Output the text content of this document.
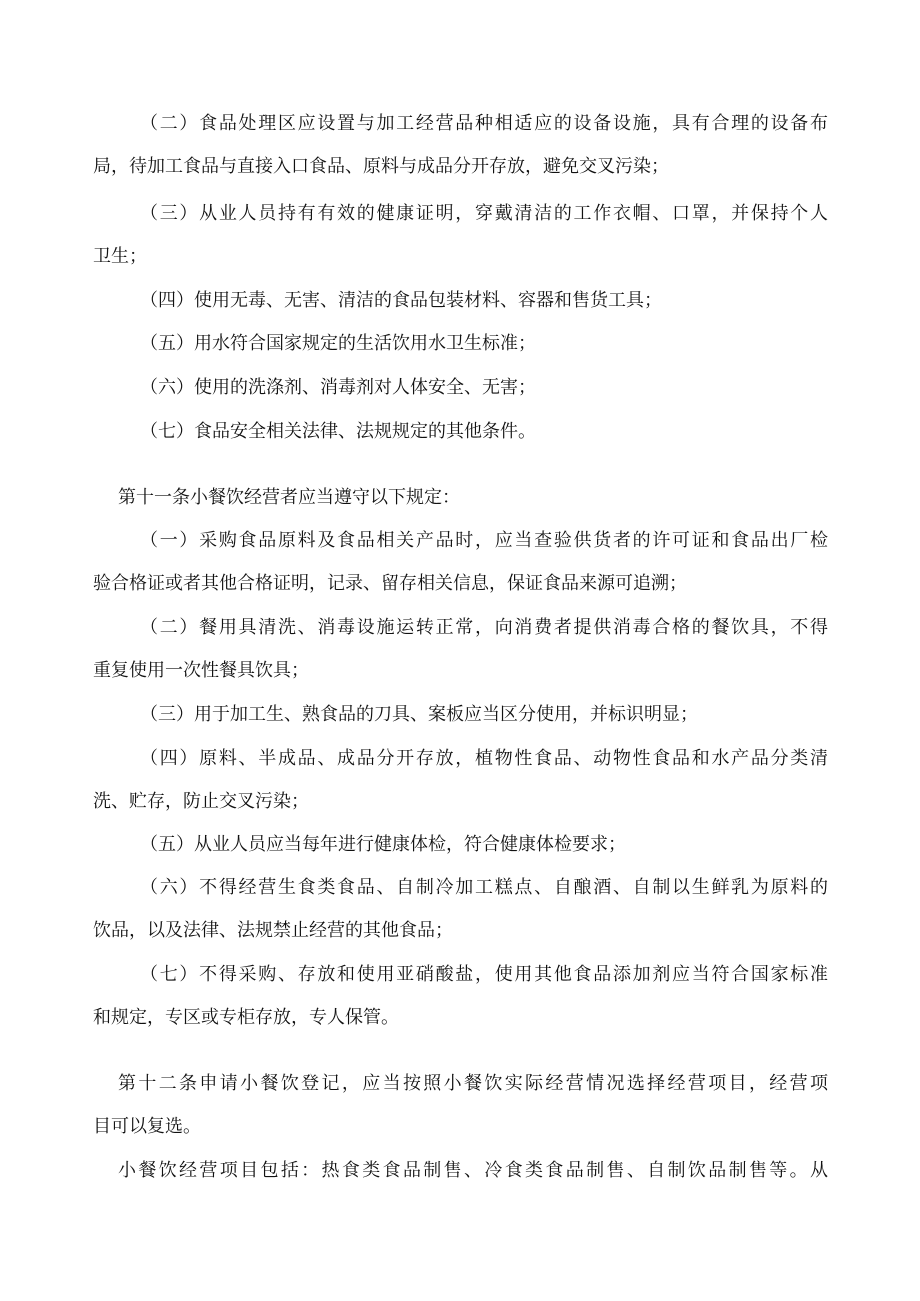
（二）食品处理区应设置与加工经营品种相适应的设备设施，具有合理的设备布
局，待加工食品与直接入口食品、原料与成品分开存放，避免交叉污染；
（三）从业人员持有有效的健康证明，穿戴清洁的工作衣帽、口罩，并保持个人
卫生；
（四）使用无毒、无害、清洁的食品包装材料、容器和售货工具；
（五）用水符合国家规定的生活饮用水卫生标准；
（六）使用的洗涤剂、消毒剂对人体安全、无害；
（七）食品安全相关法律、法规规定的其他条件。
第十一条小餐饮经营者应当遵守以下规定：
（一）采购食品原料及食品相关产品时，应当查验供货者的许可证和食品出厂检
验合格证或者其他合格证明，记录、留存相关信息，保证食品来源可追溯；
（二）餐用具清洗、消毒设施运转正常，向消费者提供消毒合格的餐饮具，不得
重复使用一次性餐具饮具；
（三）用于加工生、熟食品的刀具、案板应当区分使用，并标识明显；
（四）原料、半成品、成品分开存放，植物性食品、动物性食品和水产品分类清
洗、贮存，防止交叉污染；
（五）从业人员应当每年进行健康体检，符合健康体检要求；
（六）不得经营生食类食品、自制冷加工糕点、自酿酒、自制以生鲜乳为原料的
饮品，以及法律、法规禁止经营的其他食品；
（七）不得采购、存放和使用亚硝酸盐，使用其他食品添加剂应当符合国家标准
和规定，专区或专柜存放，专人保管。
第十二条申请小餐饮登记，应当按照小餐饮实际经营情况选择经营项目，经营项
目可以复选。
小餐饮经营项目包括：热食类食品制售、冷食类食品制售、自制饮品制售等。从
